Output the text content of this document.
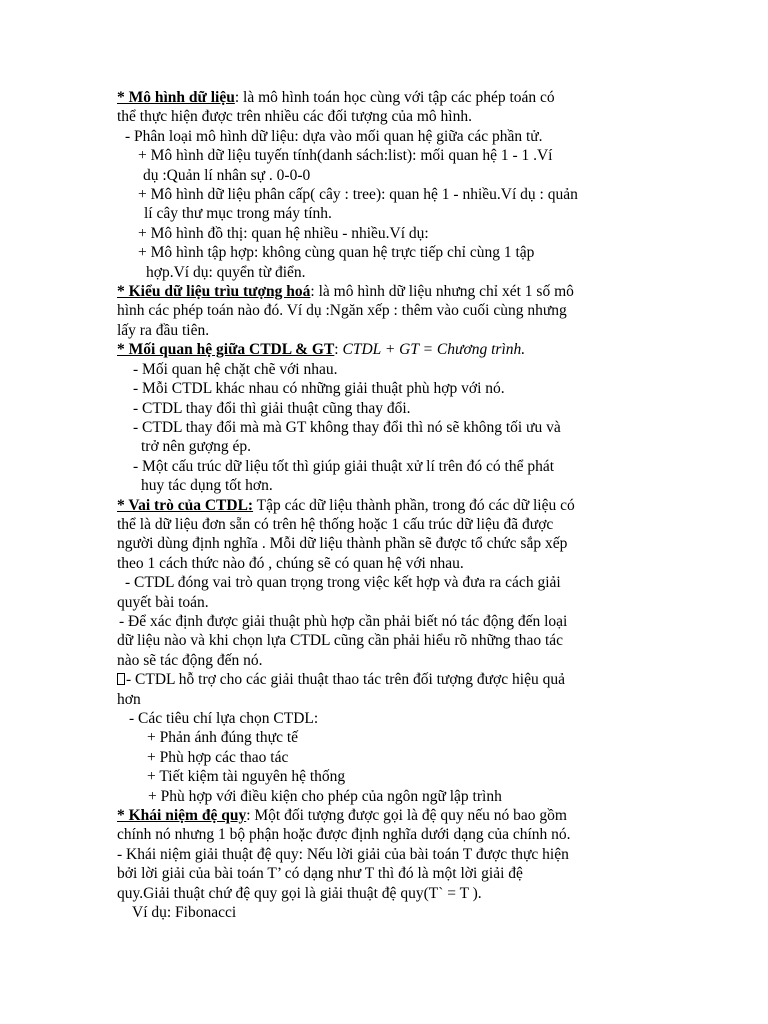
* Mô hình dữ liệu: là mô hình toán học cùng với tập các phép toán có
thể thực hiện được trên nhiều các đối tượng của mô hình.
- Phân loại mô hình dữ liệu: dựa vào mối quan hệ giữa các phần tử.
+ Mô hình dữ liệu tuyến tính(danh sách:list): mối quan hệ 1 - 1 .Ví
dụ :Quản lí nhân sự . 0-0-0
+ Mô hình dữ liệu phân cấp( cây : tree): quan hệ 1 - nhiều.Ví dụ : quản
lí cây thư mục trong máy tính.
+ Mô hình đồ thị: quan hệ nhiều - nhiều.Ví dụ:
+ Mô hình tập hợp: không cùng quan hệ trực tiếp chỉ cùng 1 tập
hợp.Ví dụ: quyển từ điển.
* Kiểu dữ liệu trìu tượng hoá: là mô hình dữ liệu nhưng chỉ xét 1 số mô
hình các phép toán nào đó. Ví dụ :Ngăn xếp : thêm vào cuối cùng nhưng
lấy ra đầu tiên.
* Mối quan hệ giữa CTDL & GT: CTDL + GT = Chương trình.
- Mối quan hệ chặt chẽ với nhau.
- Mỗi CTDL khác nhau có những giải thuật phù hợp với nó.
- CTDL thay đổi thì giải thuật cũng thay đổi.
- CTDL thay đổi mà mà GT không thay đổi thì nó sẽ không tối ưu và
trở nên gượng ép.
- Một cấu trúc dữ liệu tốt thì giúp giải thuật xử lí trên đó có thể phát
huy tác dụng tốt hơn.
* Vai trò của CTDL: Tập các dữ liệu thành phần, trong đó các dữ liệu có
thể là dữ liệu đơn sẵn có trên hệ thống hoặc 1 cấu trúc dữ liệu đã được
người dùng định nghĩa . Mỗi dữ liệu thành phần sẽ được tổ chức sắp xếp
theo 1 cách thức nào đó , chúng sẽ có quan hệ với nhau.
- CTDL đóng vai trò quan trọng trong việc kết hợp và đưa ra cách giải
quyết bài toán.
- Để xác định được giải thuật phù hợp cần phải biết nó tác động đến loại
dữ liệu nào và khi chọn lựa CTDL cũng cần phải hiểu rõ những thao tác
nào sẽ tác động đến nó.
- CTDL hỗ trợ cho các giải thuật thao tác trên đối tượng được hiệu quả
hơn
- Các tiêu chí lựa chọn CTDL:
+ Phản ánh đúng thực tế
+ Phù hợp các thao tác
+ Tiết kiệm tài nguyên hệ thống
+ Phù hợp với điều kiện cho phép của ngôn ngữ lập trình
* Khái niệm đệ quy: Một đối tượng được gọi là đệ quy nếu nó bao gồm
chính nó nhưng 1 bộ phận hoặc được định nghĩa dưới dạng của chính nó.
- Khái niệm giải thuật đệ quy: Nếu lời giải của bài toán T được thực hiện
bởi lời giải của bài toán T’ có dạng như T thì đó là một lời giải đệ
quy.Giải thuật chứ đệ quy gọi là giải thuật đệ quy(T` = T ).
Ví dụ: Fibonacci
